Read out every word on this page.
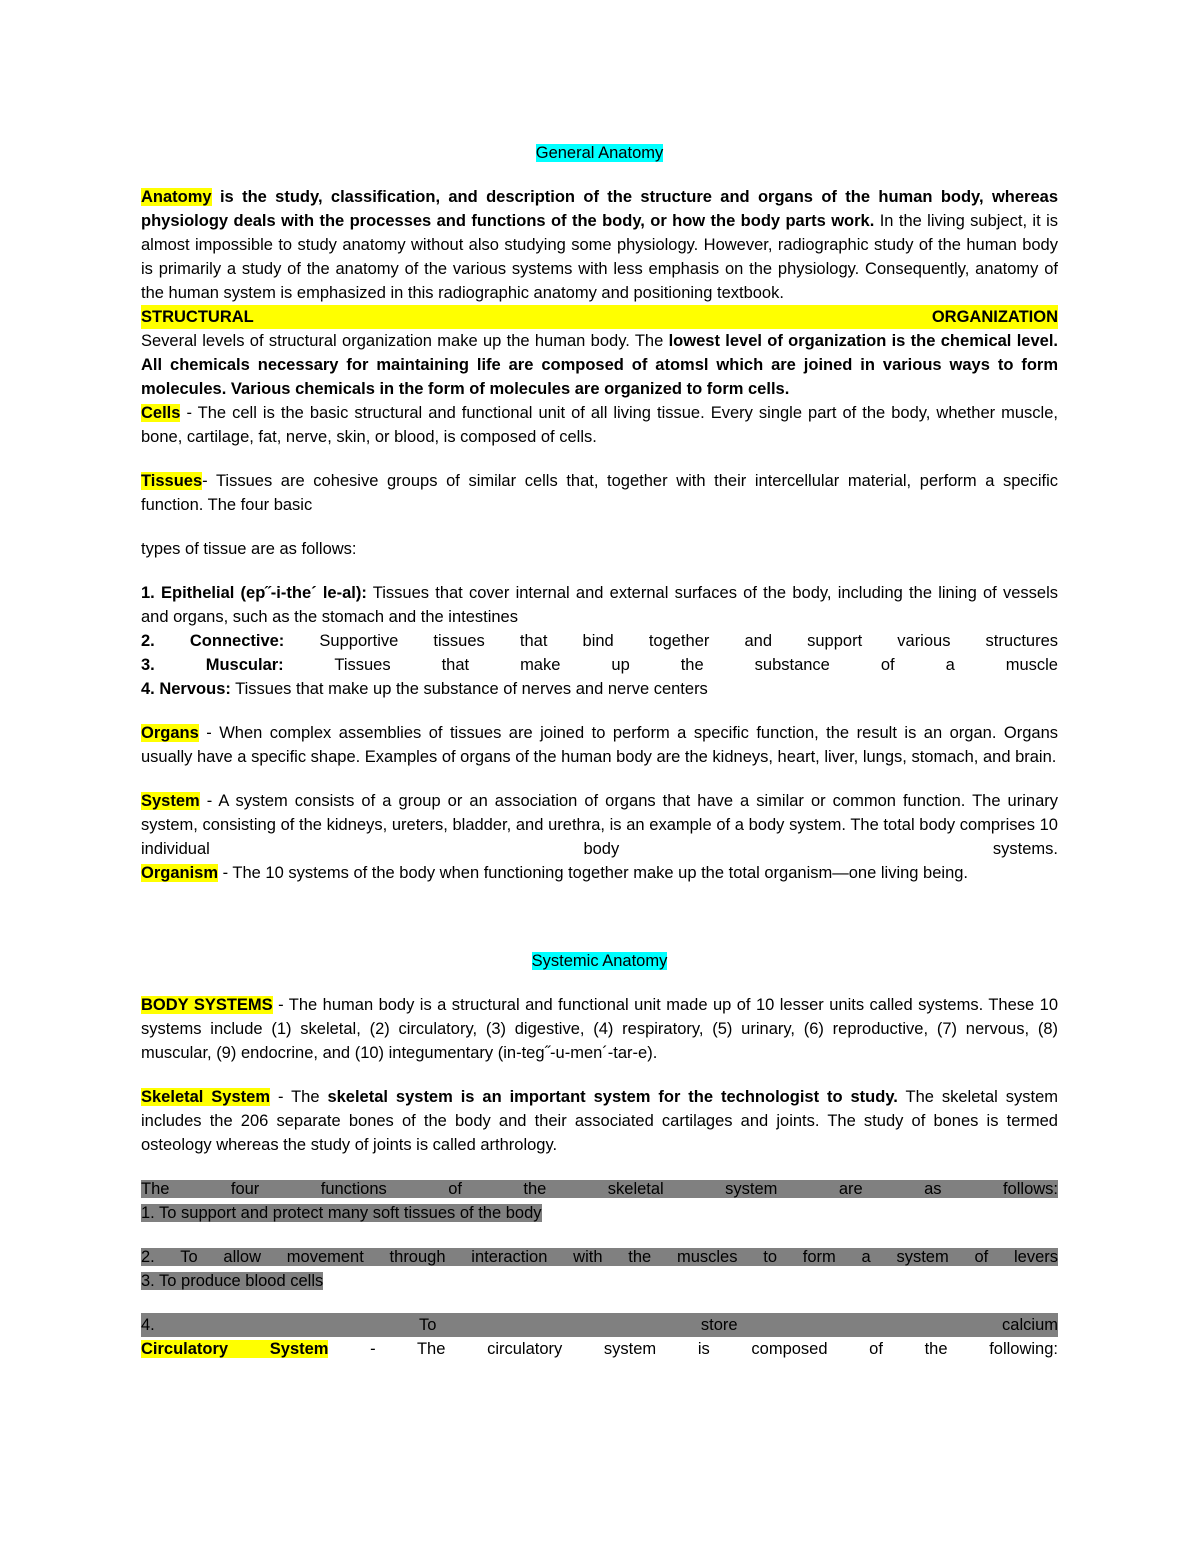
General Anatomy

Anatomy is the study, classification, and description of the structure and organs of the human body, whereas physiology deals with the processes and functions of the body, or how the body parts work. In the living subject, it is almost impossible to study anatomy without also studying some physiology. However, radiographic study of the human body is primarily a study of the anatomy of the various systems with less emphasis on the physiology. Consequently, anatomy of the human system is emphasized in this radiographic anatomy and positioning textbook.

STRUCTURAL	ORGANIZATION

Several levels of structural organization make up the human body. The lowest level of organization is the chemical level. All chemicals necessary for maintaining life are composed of atomsl which are joined in various ways to form molecules. Various chemicals in the form of molecules are organized to form cells.

Cells - The cell is the basic structural and functional unit of all living tissue. Every single part of the body, whether muscle, bone, cartilage, fat, nerve, skin, or blood, is composed of cells.

Tissues- Tissues are cohesive groups of similar cells that, together with their intercellular material, perform a specific function. The four basic

types of tissue are as follows:

1. Epithelial (ep˝-i-the´ le-al): Tissues that cover internal and external surfaces of the body, including the lining of vessels and organs, such as the stomach and the intestines

2. Connective: Supportive tissues that bind together and support various structures

3. Muscular: Tissues that make up the substance of a muscle

4. Nervous: Tissues that make up the substance of nerves and nerve centers

Organs - When complex assemblies of tissues are joined to perform a specific function, the result is an organ. Organs usually have a specific shape. Examples of organs of the human body are the kidneys, heart, liver, lungs, stomach, and brain.

System - A system consists of a group or an association of organs that have a similar or common function. The urinary system, consisting of the kidneys, ureters, bladder, and urethra, is an example of a body system. The total body comprises 10 individual body systems.

Organism - The 10 systems of the body when functioning together make up the total organism—one living being.

Systemic Anatomy

BODY SYSTEMS - The human body is a structural and functional unit made up of 10 lesser units called systems. These 10 systems include (1) skeletal, (2) circulatory, (3) digestive, (4) respiratory, (5) urinary, (6) reproductive, (7) nervous, (8) muscular, (9) endocrine, and (10) integumentary (in-teg˝-u-men´-tar-e).

Skeletal System - The skeletal system is an important system for the technologist to study. The skeletal system includes the 206 separate bones of the body and their associated cartilages and joints. The study of bones is termed osteology whereas the study of joints is called arthrology.

The four functions of the skeletal system are as follows:

1. To support and protect many soft tissues of the body

2. To allow movement through interaction with the muscles to form a system of levers

3. To produce blood cells

4. To store calcium

Circulatory System - The circulatory system is composed of the following:
